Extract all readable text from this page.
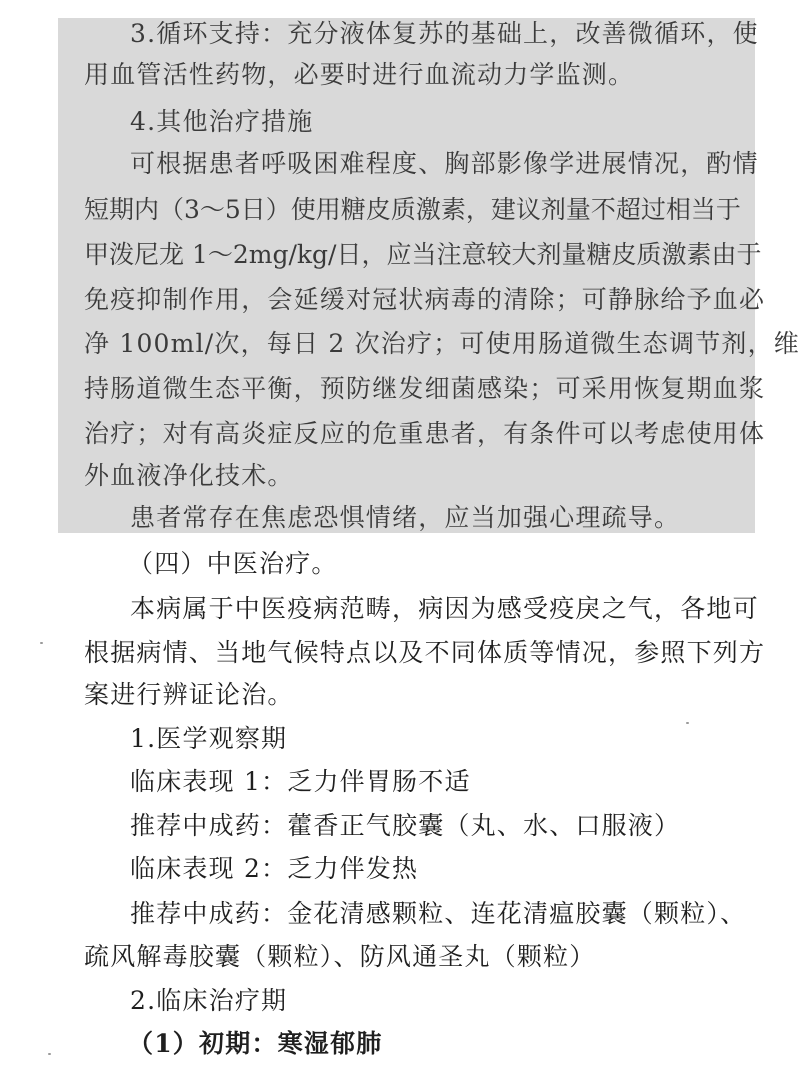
3.循环支持：充分液体复苏的基础上，改善微循环，使
用血管活性药物，必要时进行血流动力学监测。
4.其他治疗措施
可根据患者呼吸困难程度、胸部影像学进展情况，酌情
短期内（3～5日）使用糖皮质激素，建议剂量不超过相当于
甲泼尼龙 1～2mg/kg/日，应当注意较大剂量糖皮质激素由于
免疫抑制作用，会延缓对冠状病毒的清除；可静脉给予血必
净 100ml/次，每日 2 次治疗；可使用肠道微生态调节剂，维
持肠道微生态平衡，预防继发细菌感染；可采用恢复期血浆
治疗；对有高炎症反应的危重患者，有条件可以考虑使用体
外血液净化技术。
患者常存在焦虑恐惧情绪，应当加强心理疏导。
（四）中医治疗。
本病属于中医疫病范畴，病因为感受疫戾之气，各地可
根据病情、当地气候特点以及不同体质等情况，参照下列方
案进行辨证论治。
1.医学观察期
临床表现 1：乏力伴胃肠不适
推荐中成药：藿香正气胶囊（丸、水、口服液）
临床表现 2：乏力伴发热
推荐中成药：金花清感颗粒、连花清瘟胶囊（颗粒）、
疏风解毒胶囊（颗粒）、防风通圣丸（颗粒）
2.临床治疗期
（1）初期：寒湿郁肺
